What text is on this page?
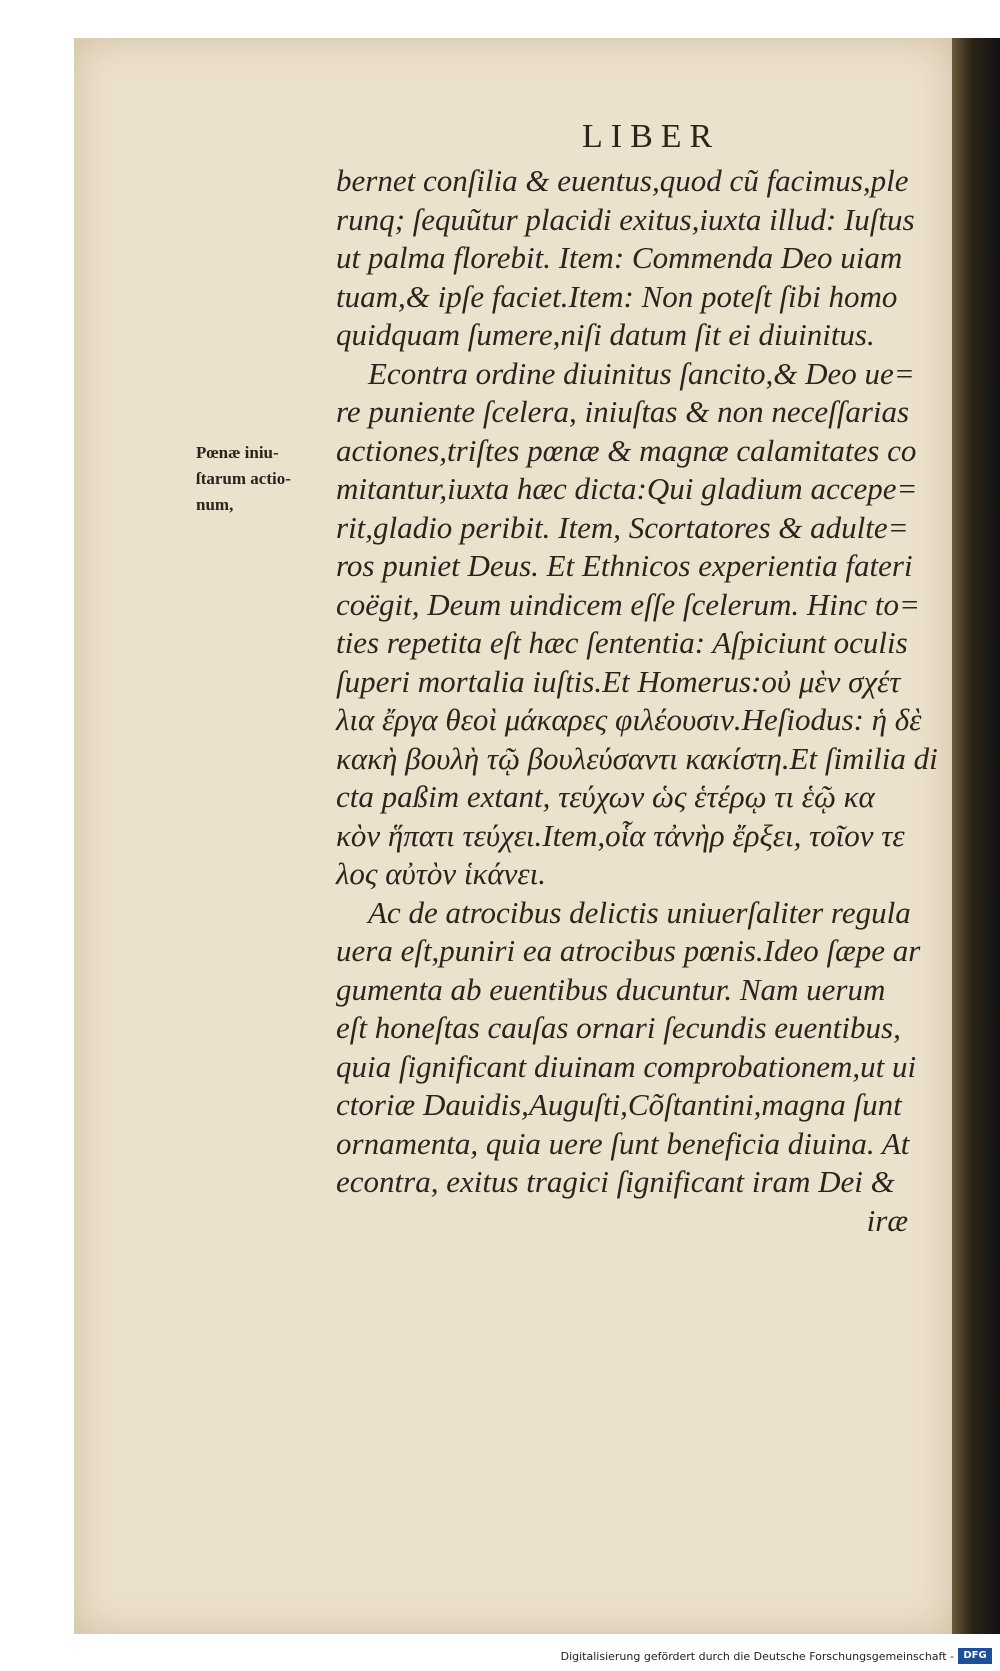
LIBER
Pœnæ iniu-
ſtarum actio-
num,
bernet conſilia & euentus,quod cũ facimus,ple
runq; ſequũtur placidi exitus,iuxta illud: Iuſtus
ut palma florebit. Item: Commenda Deo uiam
tuam,& ipſe faciet.Item: Non poteſt ſibi homo
quidquam ſumere,niſi datum ſit ei diuinitus.
Econtra ordine diuinitus ſancito,& Deo ue=
re puniente ſcelera, iniuſtas & non neceſſarias
actiones,triſtes pœnæ & magnæ calamitates co
mitantur,iuxta hæc dicta:Qui gladium accepe=
rit,gladio peribit. Item, Scortatores & adulte=
ros puniet Deus. Et Ethnicos experientia fateri
coëgit, Deum uindicem eſſe ſcelerum. Hinc to=
ties repetita eſt hæc ſententia: Aſpiciunt oculis
ſuperi mortalia iuſtis.Et Homerus:οὐ μὲν σχέτ
λια ἔργα θεοὶ μάκαρες φιλέουσιν.Heſiodus: ἡ δὲ
κακὴ βουλὴ τῷ βουλεύσαντι κακίστη.Et ſimilia di
cta paßim extant, τεύχων ὡς ἑτέρῳ τι ἑῷ κα
κὸν ἥπατι τεύχει.Item,οἷα τἀνὴρ ἔρξει, τοῖον τε
λος αὐτὸν ἱκάνει.
Ac de atrocibus delictis uniuerſaliter regula
uera eſt,puniri ea atrocibus pœnis.Ideo ſæpe ar
gumenta ab euentibus ducuntur. Nam uerum
eſt honeſtas cauſas ornari ſecundis euentibus,
quia ſignificant diuinam comprobationem,ut ui
ctoriæ Dauidis,Auguſti,Cõſtantini,magna ſunt
ornamenta, quia uere ſunt beneficia diuina. At
econtra, exitus tragici ſignificant iram Dei &
iræ
Digitalisierung gefördert durch die Deutsche Forschungsgemeinschaft - DFG
